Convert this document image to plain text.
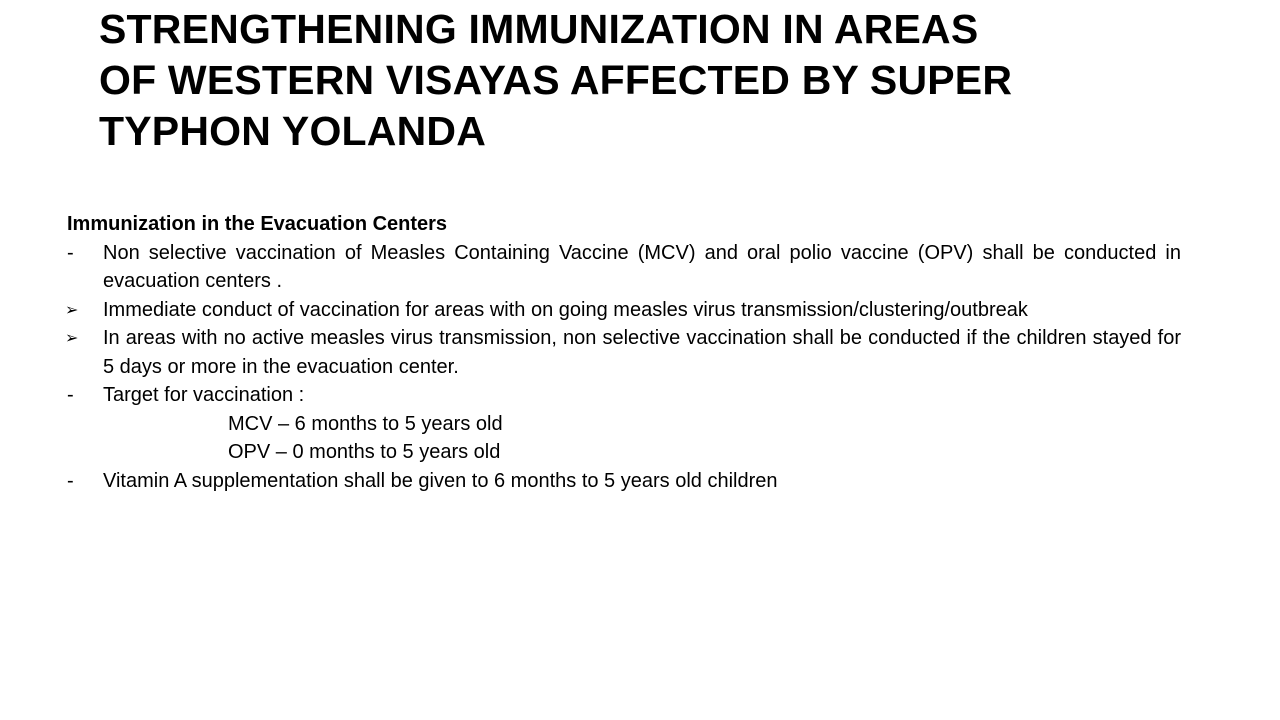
STRENGTHENING IMMUNIZATION IN AREAS
OF WESTERN VISAYAS AFFECTED BY SUPER
TYPHON YOLANDA

Immunization in the Evacuation Centers

-	Non selective vaccination of Measles Containing Vaccine (MCV) and oral polio vaccine (OPV) shall be conducted in evacuation centers .
➢	Immediate conduct of vaccination for areas with on going measles virus transmission/clustering/outbreak
➢	In areas with no active measles virus transmission, non selective vaccination shall be conducted if the children stayed for 5 days or more in the evacuation center.
-	Target for vaccination :
MCV – 6 months to 5 years old
OPV – 0 months to 5 years old
-	Vitamin A supplementation shall be given to 6 months to 5 years old children
